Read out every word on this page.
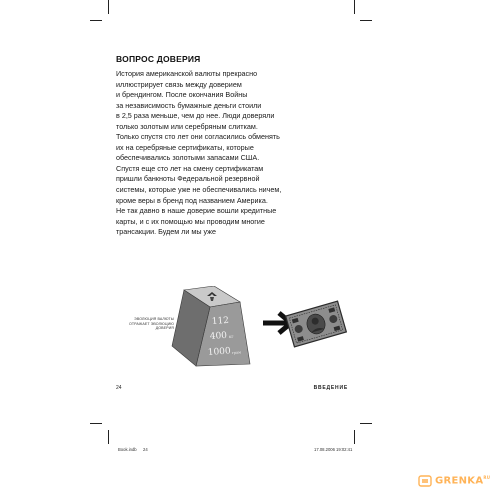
ВОПРОС ДОВЕРИЯ
История американской валюты прекрасно
иллюстрирует связь между доверием
и брендингом. После окончания Войны
за независимость бумажные деньги стоили
в 2,5 раза меньше, чем до нее. Люди доверяли
только золотым или серебряным слиткам.
Только спустя сто лет они согласились обменять
их на серебряные сертификаты, которые
обеспечивались золотыми запасами США.
Спустя еще сто лет на смену сертификатам
пришли банкноты Федеральной резервной
системы, которые уже не обеспечивались ничем,
кроме веры в бренд под названием Америка.
Не так давно в наше доверие вошли кредитные
карты, и с их помощью мы проводим многие
трансакции. Будем ли мы уже
ЭВОЛЮЦИЯ ВАЛЮТЫ ОТРАЖАЕТ ЭВОЛЮЦИЮ ДОВЕРИЯ
112
400 кг
1000 грам
24	ВВЕДЕНИЕ
Book.indb 24	17.08.2006 19:02:41
$GRENKA^{RU}$
